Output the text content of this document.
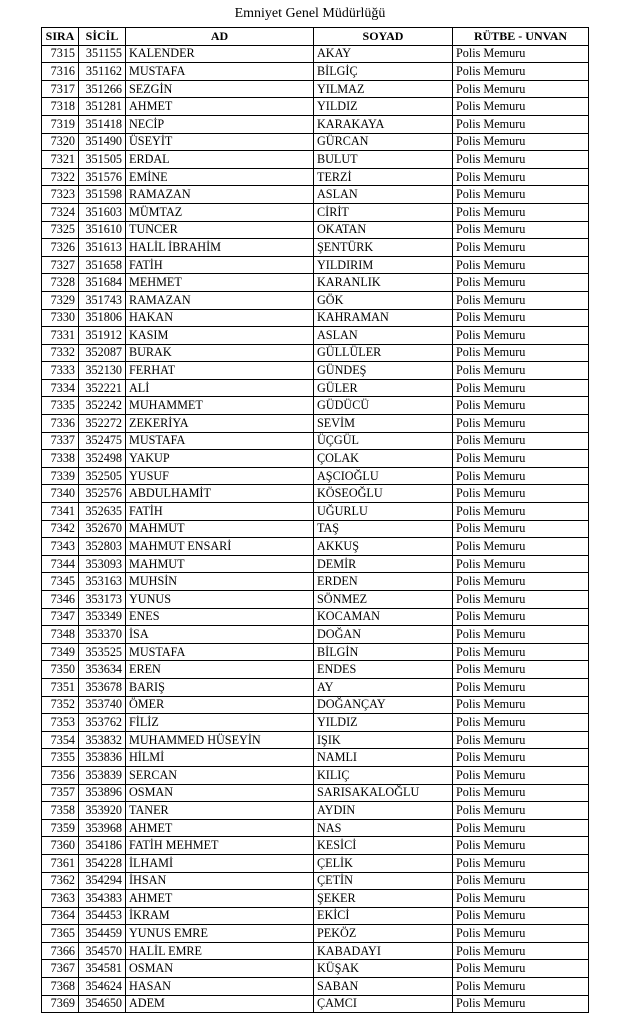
Emniyet Genel Müdürlüğü
SIRA	SİCİL	AD	SOYAD	RÜTBE - UNVAN
7315	351155	KALENDER	AKAY	Polis Memuru
7316	351162	MUSTAFA	BİLGİÇ	Polis Memuru
7317	351266	SEZGİN	YILMAZ	Polis Memuru
7318	351281	AHMET	YILDIZ	Polis Memuru
7319	351418	NECİP	KARAKAYA	Polis Memuru
7320	351490	ÜSEYİT	GÜRCAN	Polis Memuru
7321	351505	ERDAL	BULUT	Polis Memuru
7322	351576	EMİNE	TERZİ	Polis Memuru
7323	351598	RAMAZAN	ASLAN	Polis Memuru
7324	351603	MÜMTAZ	CİRİT	Polis Memuru
7325	351610	TUNCER	OKATAN	Polis Memuru
7326	351613	HALİL İBRAHİM	ŞENTÜRK	Polis Memuru
7327	351658	FATİH	YILDIRIM	Polis Memuru
7328	351684	MEHMET	KARANLIK	Polis Memuru
7329	351743	RAMAZAN	GÖK	Polis Memuru
7330	351806	HAKAN	KAHRAMAN	Polis Memuru
7331	351912	KASIM	ASLAN	Polis Memuru
7332	352087	BURAK	GÜLLÜLER	Polis Memuru
7333	352130	FERHAT	GÜNDEŞ	Polis Memuru
7334	352221	ALİ	GÜLER	Polis Memuru
7335	352242	MUHAMMET	GÜDÜCÜ	Polis Memuru
7336	352272	ZEKERİYA	SEVİM	Polis Memuru
7337	352475	MUSTAFA	ÜÇGÜL	Polis Memuru
7338	352498	YAKUP	ÇOLAK	Polis Memuru
7339	352505	YUSUF	AŞCIOĞLU	Polis Memuru
7340	352576	ABDULHAMİT	KÖSEOĞLU	Polis Memuru
7341	352635	FATİH	UĞURLU	Polis Memuru
7342	352670	MAHMUT	TAŞ	Polis Memuru
7343	352803	MAHMUT ENSARİ	AKKUŞ	Polis Memuru
7344	353093	MAHMUT	DEMİR	Polis Memuru
7345	353163	MUHSİN	ERDEN	Polis Memuru
7346	353173	YUNUS	SÖNMEZ	Polis Memuru
7347	353349	ENES	KOCAMAN	Polis Memuru
7348	353370	İSA	DOĞAN	Polis Memuru
7349	353525	MUSTAFA	BİLGİN	Polis Memuru
7350	353634	EREN	ENDES	Polis Memuru
7351	353678	BARIŞ	AY	Polis Memuru
7352	353740	ÖMER	DOĞANÇAY	Polis Memuru
7353	353762	FİLİZ	YILDIZ	Polis Memuru
7354	353832	MUHAMMED HÜSEYİN	IŞIK	Polis Memuru
7355	353836	HİLMİ	NAMLI	Polis Memuru
7356	353839	SERCAN	KILIÇ	Polis Memuru
7357	353896	OSMAN	SARISAKALOĞLU	Polis Memuru
7358	353920	TANER	AYDIN	Polis Memuru
7359	353968	AHMET	NAS	Polis Memuru
7360	354186	FATİH MEHMET	KESİCİ	Polis Memuru
7361	354228	İLHAMİ	ÇELİK	Polis Memuru
7362	354294	İHSAN	ÇETİN	Polis Memuru
7363	354383	AHMET	ŞEKER	Polis Memuru
7364	354453	İKRAM	EKİCİ	Polis Memuru
7365	354459	YUNUS EMRE	PEKÖZ	Polis Memuru
7366	354570	HALİL EMRE	KABADAYI	Polis Memuru
7367	354581	OSMAN	KÜŞAK	Polis Memuru
7368	354624	HASAN	SABAN	Polis Memuru
7369	354650	ADEM	ÇAMCI	Polis Memuru
